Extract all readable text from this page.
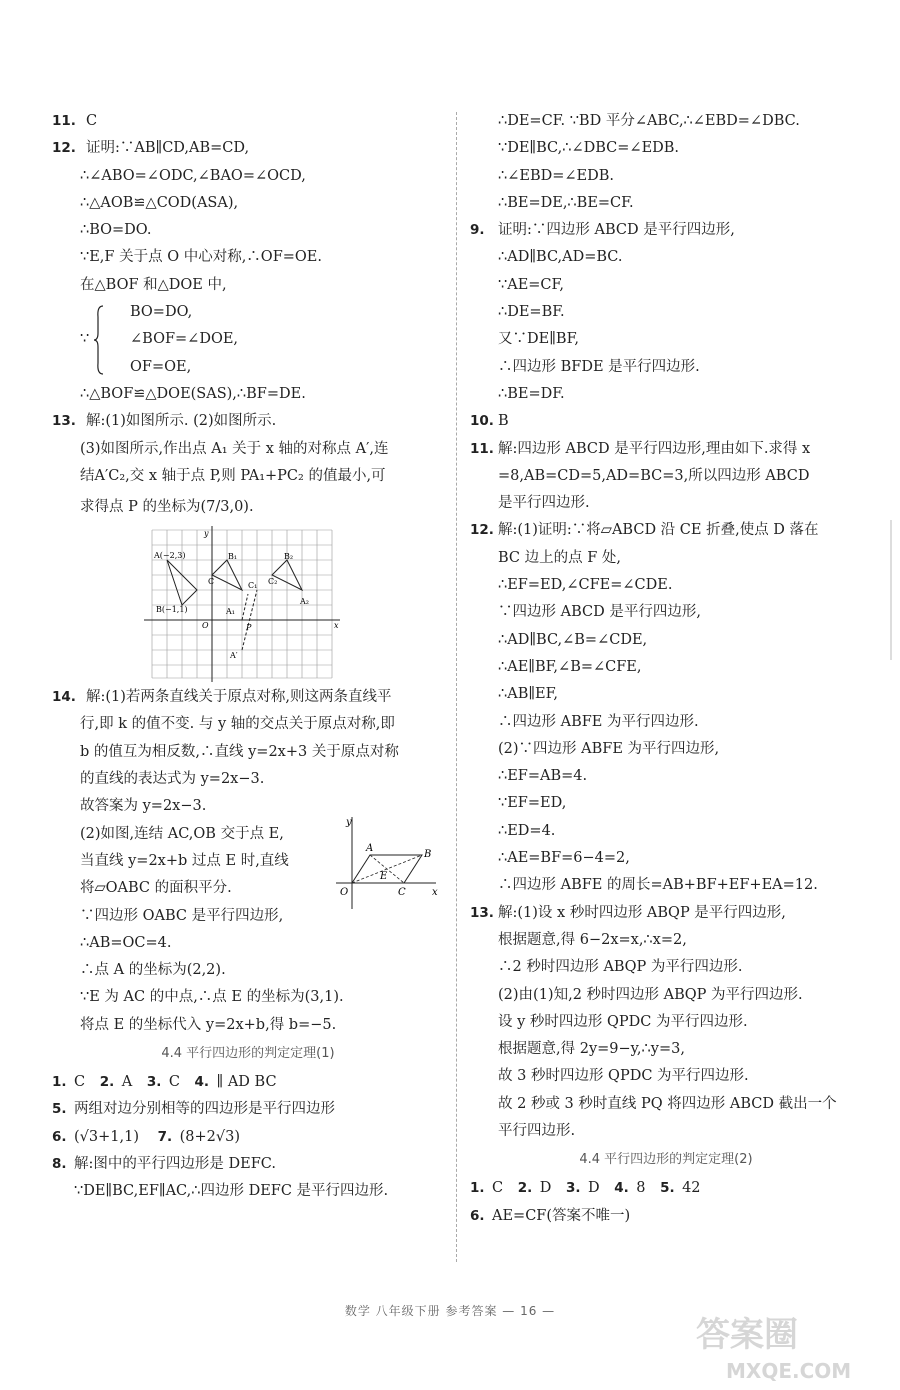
11. C
12. 证明:∵AB∥CD,AB=CD,
∴∠ABO=∠ODC,∠BAO=∠OCD,
∴△AOB≌△COD(ASA),
∴BO=DO.
∵E,F 关于点 O 中心对称,∴OF=OE.
在△BOF 和△DOE 中,
∵
BO=DO,
∠BOF=∠DOE,
OF=OE,
∴△BOF≌△DOE(SAS),∴BF=DE.
13. 解:(1)如图所示. (2)如图所示.
(3)如图所示,作出点 A₁ 关于 x 轴的对称点 A′,连
结A′C₂,交 x 轴于点 P,则 PA₁+PC₂ 的值最小,可
求得点 P 的坐标为(7/3,0).
A(−2,3)
B(−1,1)
O
y
x
B₁
C
A₁
C₁
B₂
C₂
A₂
P
A′
14. 解:(1)若两条直线关于原点对称,则这两条直线平
行,即 k 的值不变. 与 y 轴的交点关于原点对称,即
b 的值互为相反数,∴直线 y=2x+3 关于原点对称
的直线的表达式为 y=2x−3.
故答案为 y=2x−3.
(2)如图,连结 AC,OB 交于点 E,
当直线 y=2x+b 过点 E 时,直线
将▱OABC 的面积平分.
∵四边形 OABC 是平行四边形,
y
x
O
A
B
C
E
∴AB=OC=4.
∴点 A 的坐标为(2,2).
∵E 为 AC 的中点,∴点 E 的坐标为(3,1).
将点 E 的坐标代入 y=2x+b,得 b=−5.
4.4 平行四边形的判定定理(1)
1. C 2. A 3. C 4. ∥ AD BC
5. 两组对边分别相等的四边形是平行四边形
6. (√3+1,1) 7. (8+2√3)
8. 解:图中的平行四边形是 DEFC.
∵DE∥BC,EF∥AC,∴四边形 DEFC 是平行四边形.
∴DE=CF. ∵BD 平分∠ABC,∴∠EBD=∠DBC.
∵DE∥BC,∴∠DBC=∠EDB.
∴∠EBD=∠EDB.
∴BE=DE,∴BE=CF.
9. 证明:∵四边形 ABCD 是平行四边形,
∴AD∥BC,AD=BC.
∵AE=CF,
∴DE=BF.
又∵DE∥BF,
∴四边形 BFDE 是平行四边形.
∴BE=DF.
10. B
11. 解:四边形 ABCD 是平行四边形,理由如下.求得 x
=8,AB=CD=5,AD=BC=3,所以四边形 ABCD
是平行四边形.
12. 解:(1)证明:∵将▱ABCD 沿 CE 折叠,使点 D 落在
BC 边上的点 F 处,
∴EF=ED,∠CFE=∠CDE.
∵四边形 ABCD 是平行四边形,
∴AD∥BC,∠B=∠CDE,
∴AE∥BF,∠B=∠CFE,
∴AB∥EF,
∴四边形 ABFE 为平行四边形.
(2)∵四边形 ABFE 为平行四边形,
∴EF=AB=4.
∵EF=ED,
∴ED=4.
∴AE=BF=6−4=2,
∴四边形 ABFE 的周长=AB+BF+EF+EA=12.
13. 解:(1)设 x 秒时四边形 ABQP 是平行四边形,
根据题意,得 6−2x=x,∴x=2,
∴2 秒时四边形 ABQP 为平行四边形.
(2)由(1)知,2 秒时四边形 ABQP 为平行四边形.
设 y 秒时四边形 QPDC 为平行四边形.
根据题意,得 2y=9−y,∴y=3,
故 3 秒时四边形 QPDC 为平行四边形.
故 2 秒或 3 秒时直线 PQ 将四边形 ABCD 截出一个
平行四边形.
4.4 平行四边形的判定定理(2)
1. C 2. D 3. D 4. 8 5. 42
6. AE=CF(答案不唯一)
数学 八年级下册 参考答案 — 16 —
答案圈
MXQE.COM
